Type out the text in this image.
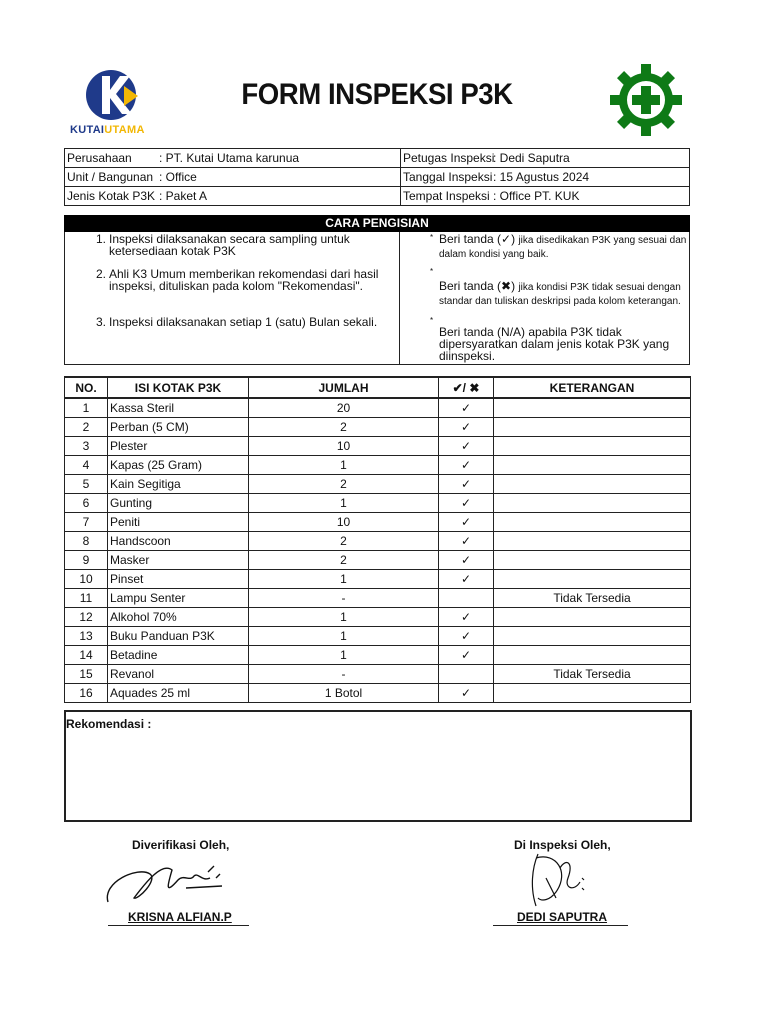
KUTAIUTAMA
FORM INSPEKSI P3K
Perusahaan : PT. Kutai Utama karunua	Petugas Inspeksi: Dedi Saputra
Unit / Bangunan : Office	Tanggal Inspeksi: 15 Agustus 2024
Jenis Kotak P3K : Paket A	Tempat Inspeksi : Office PT. KUK
CARA PENGISIAN
1. Inspeksi dilaksanakan secara sampling untuk ketersediaan kotak P3K
2. Ahli K3 Umum memberikan rekomendasi dari hasil inspeksi, dituliskan pada kolom "Rekomendasi".
3. Inspeksi dilaksanakan setiap 1 (satu) Bulan sekali.
* Beri tanda (✓) jika disedikakan P3K yang sesuai dan dalam kondisi yang baik.
*
Beri tanda (✖) jika kondisi P3K tidak sesuai dengan standar dan tuliskan deskripsi pada kolom keterangan.
*
Beri tanda (N/A) apabila P3K tidak dipersyaratkan dalam jenis kotak P3K yang diinspeksi.
NO.	ISI KOTAK P3K	JUMLAH	✔/ ✖	KETERANGAN
1	Kassa Steril	20	✓	
2	Perban (5 CM)	2	✓	
3	Plester	10	✓	
4	Kapas (25 Gram)	1	✓	
5	Kain Segitiga	2	✓	
6	Gunting	1	✓	
7	Peniti	10	✓	
8	Handscoon	2	✓	
9	Masker	2	✓	
10	Pinset	1	✓	
11	Lampu Senter	-		Tidak Tersedia
12	Alkohol 70%	1	✓	
13	Buku Panduan P3K	1	✓	
14	Betadine	1	✓	
15	Revanol	-		Tidak Tersedia
16	Aquades 25 ml	1 Botol	✓	
Rekomendasi :
Diverifikasi Oleh,
KRISNA ALFIAN.P
Di Inspeksi Oleh,
DEDI SAPUTRA
